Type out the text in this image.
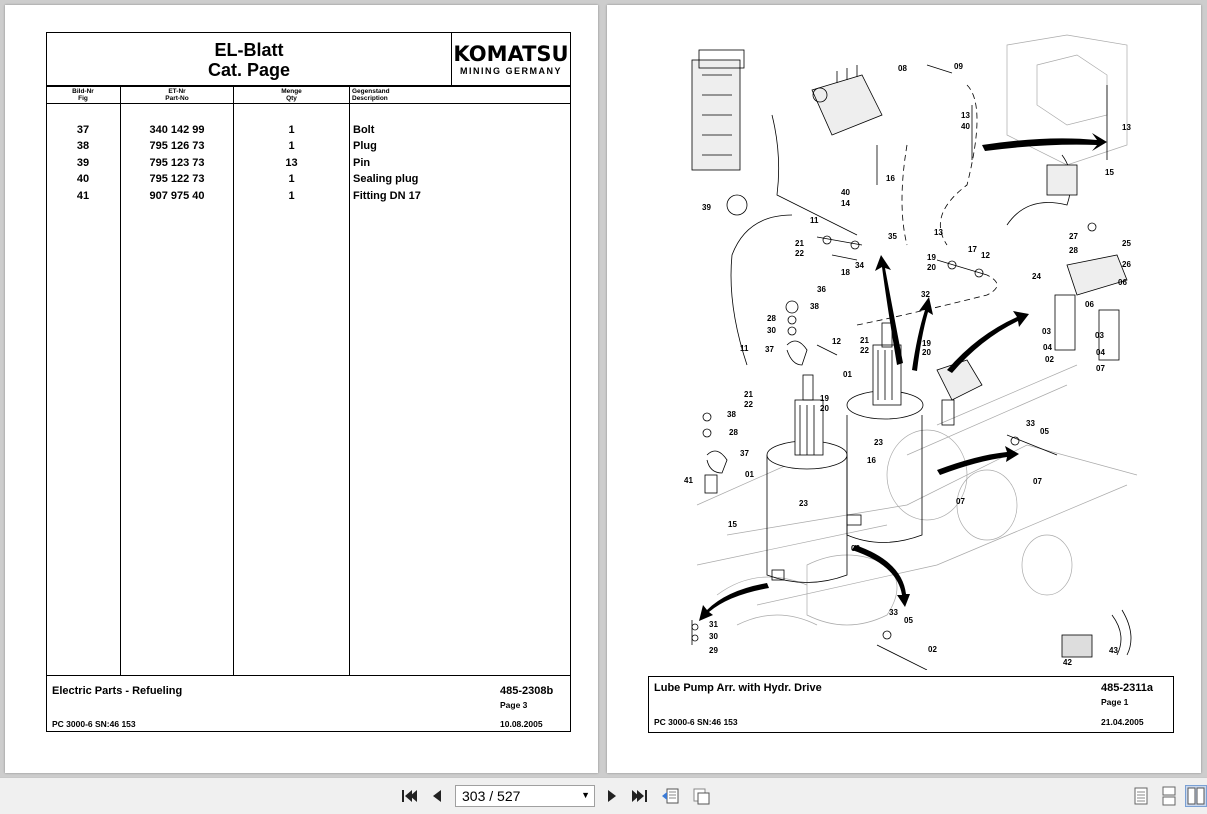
EL-Blatt
Cat. Page
KOMATSU
MINING GERMANY
Bild-Nr
Fig
ET-Nr
Part-No
Menge
Qty
Gegenstand
Description
37	340 142 99	1	Bolt
38	795 126 73	1	Plug
39	795 123 73	13	Pin
40	795 122 73	1	Sealing plug
41	907 975 40	1	Fitting DN 17
Electric Parts - Refueling	485-2308b
Page 3
PC 3000-6 SN:46 153	10.08.2005
08	09
13
40	13
16
15
40
14
39
11
35
21
22
34
18
36
13
19
20
17
12
27
28
25
26
24
06
32
38
28
30
37
12 21
22
19
20
06
03
04
02
03
04
07
11
01
21
22
19
20
38
28
23
16
37
01
41
33
05
07
15
23	07
02
31
30
29
33
05
02
42
43
Lube Pump Arr. with Hydr. Drive	485-2311a
Page 1
PC 3000-6 SN:46 153	21.04.2005
303 / 527	▼
